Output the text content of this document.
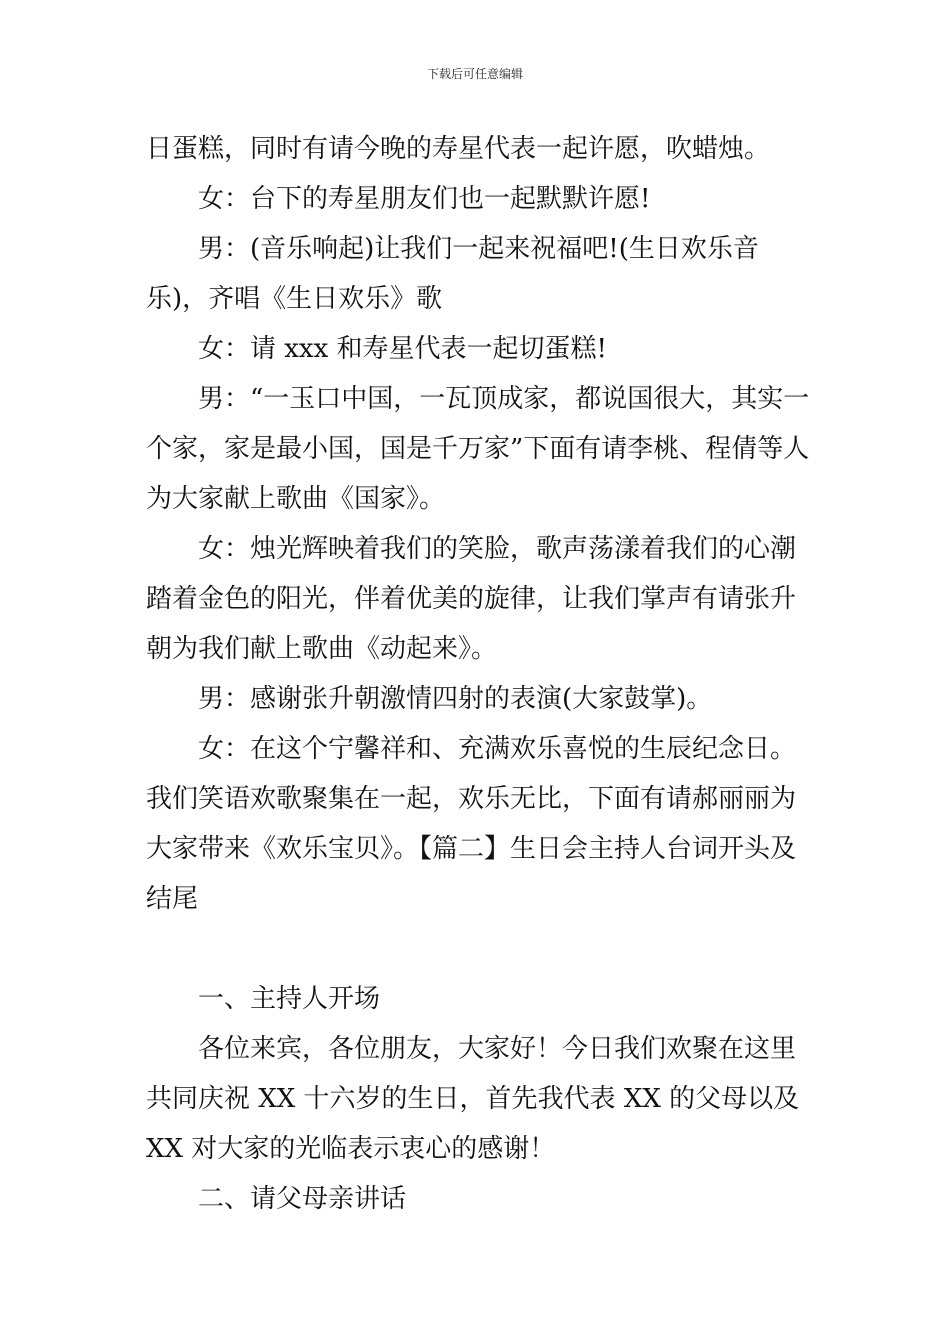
下载后可任意编辑

日蛋糕，同时有请今晚的寿星代表一起许愿，吹蜡烛。

女：台下的寿星朋友们也一起默默许愿!

男：(音乐响起)让我们一起来祝福吧!(生日欢乐音乐)，齐唱《生日欢乐》歌

女：请 xxx 和寿星代表一起切蛋糕!

男：“一玉口中国，一瓦顶成家，都说国很大，其实一个家，家是最小国，国是千万家”下面有请李桃、程倩等人为大家献上歌曲《国家》。

女：烛光辉映着我们的笑脸，歌声荡漾着我们的心潮踏着金色的阳光，伴着优美的旋律，让我们掌声有请张升朝为我们献上歌曲《动起来》。

男：感谢张升朝激情四射的表演(大家鼓掌)。

女：在这个宁馨祥和、充满欢乐喜悦的生辰纪念日。我们笑语欢歌聚集在一起，欢乐无比，下面有请郝丽丽为大家带来《欢乐宝贝》。【篇二】生日会主持人台词开头及结尾

一、主持人开场

各位来宾，各位朋友，大家好！今日我们欢聚在这里共同庆祝 XX 十六岁的生日，首先我代表 XX 的父母以及 XX 对大家的光临表示衷心的感谢！

二、请父母亲讲话
